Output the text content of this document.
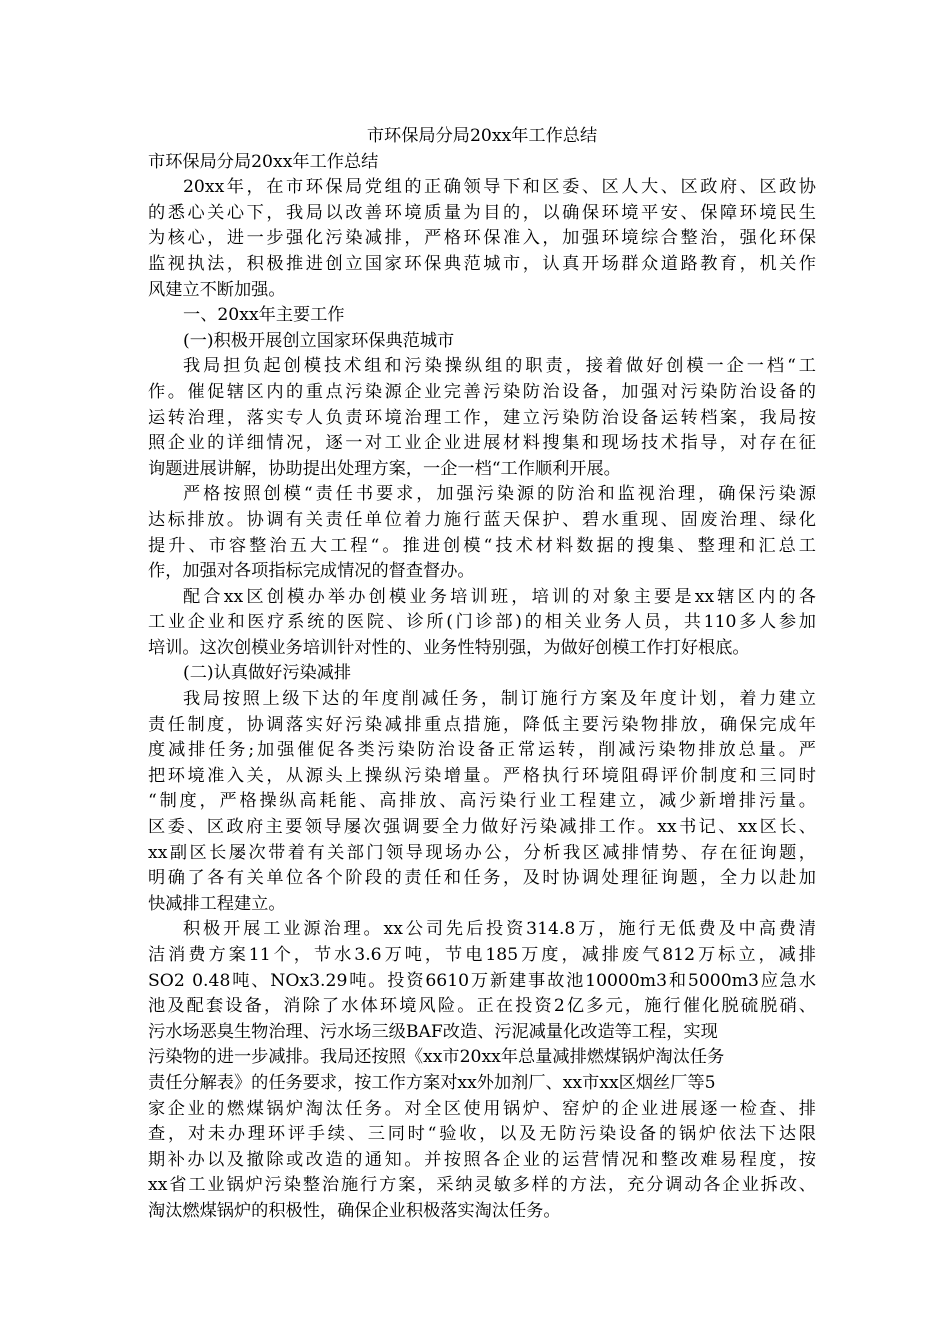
市环保局分局20xx年工作总结

市环保局分局20xx年工作总结

20xx年，在市环保局党组的正确领导下和区委、区人大、区政府、区政协

的悉心关心下，我局以改善环境质量为目的，以确保环境平安、保障环境民生

为核心，进一步强化污染减排，严格环保准入，加强环境综合整治，强化环保

监视执法，积极推进创立国家环保典范城市，认真开场群众道路教育，机关作

风建立不断加强。

一、20xx年主要工作

(一)积极开展创立国家环保典范城市

我局担负起创模技术组和污染操纵组的职责，接着做好创模一企一档“工

作。催促辖区内的重点污染源企业完善污染防治设备，加强对污染防治设备的

运转治理，落实专人负责环境治理工作，建立污染防治设备运转档案，我局按

照企业的详细情况，逐一对工业企业进展材料搜集和现场技术指导，对存在征

询题进展讲解，协助提出处理方案，一企一档“工作顺利开展。

严格按照创模“责任书要求，加强污染源的防治和监视治理，确保污染源

达标排放。协调有关责任单位着力施行蓝天保护、碧水重现、固废治理、绿化

提升、市容整治五大工程“。推进创模“技术材料数据的搜集、整理和汇总工

作，加强对各项指标完成情况的督查督办。

配合xx区创模办举办创模业务培训班，培训的对象主要是xx辖区内的各

工业企业和医疗系统的医院、诊所(门诊部)的相关业务人员，共110多人参加

培训。这次创模业务培训针对性的、业务性特别强，为做好创模工作打好根底。

(二)认真做好污染减排

我局按照上级下达的年度削减任务，制订施行方案及年度计划，着力建立

责任制度，协调落实好污染减排重点措施，降低主要污染物排放，确保完成年

度减排任务;加强催促各类污染防治设备正常运转，削减污染物排放总量。严

把环境准入关，从源头上操纵污染增量。严格执行环境阻碍评价制度和三同时

“制度，严格操纵高耗能、高排放、高污染行业工程建立，减少新增排污量。

区委、区政府主要领导屡次强调要全力做好污染减排工作。xx书记、xx区长、

xx副区长屡次带着有关部门领导现场办公，分析我区减排情势、存在征询题，

明确了各有关单位各个阶段的责任和任务，及时协调处理征询题，全力以赴加

快减排工程建立。

积极开展工业源治理。xx公司先后投资314.8万，施行无低费及中高费清

洁消费方案11个，节水3.6万吨，节电185万度，减排废气812万标立，减排

SO2 0.48吨、NOx3.29吨。投资6610万新建事故池10000m3和5000m3应急水

池及配套设备，消除了水体环境风险。正在投资2亿多元，施行催化脱硫脱硝、

污水场恶臭生物治理、污水场三级BAF改造、污泥减量化改造等工程，实现

污染物的进一步减排。我局还按照《xx市20xx年总量减排燃煤锅炉淘汰任务

责任分解表》的任务要求，按工作方案对xx外加剂厂、xx市xx区烟丝厂等5

家企业的燃煤锅炉淘汰任务。对全区使用锅炉、窑炉的企业进展逐一检查、排

查，对未办理环评手续、三同时“验收，以及无防污染设备的锅炉依法下达限

期补办以及撤除或改造的通知。并按照各企业的运营情况和整改难易程度，按

xx省工业锅炉污染整治施行方案，采纳灵敏多样的方法，充分调动各企业拆改、

淘汰燃煤锅炉的积极性，确保企业积极落实淘汰任务。
